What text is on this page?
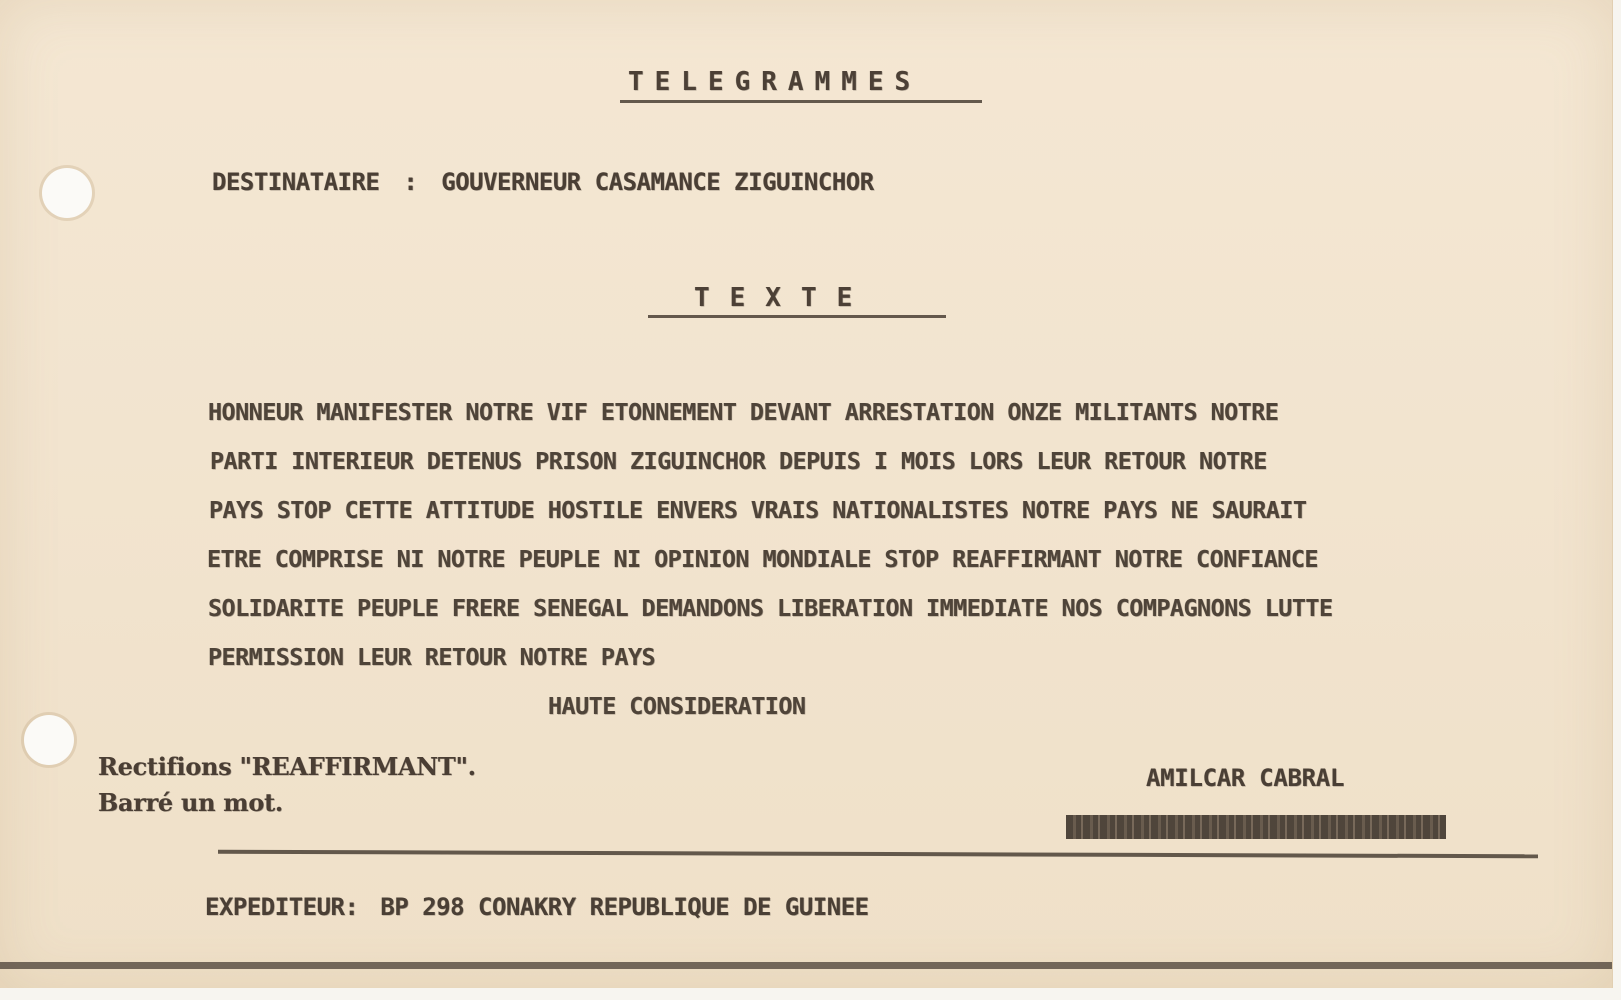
TELEGRAMMES
DESTINATAIRE : GOUVERNEUR CASAMANCE ZIGUINCHOR
TEXTE
HONNEUR MANIFESTER NOTRE VIF ETONNEMENT DEVANT ARRESTATION ONZE MILITANTS NOTRE
PARTI INTERIEUR DETENUS PRISON ZIGUINCHOR DEPUIS I MOIS LORS LEUR RETOUR NOTRE
PAYS STOP CETTE ATTITUDE HOSTILE ENVERS VRAIS NATIONALISTES NOTRE PAYS NE SAURAIT
ETRE COMPRISE NI NOTRE PEUPLE NI OPINION MONDIALE STOP REAFFIRMANT NOTRE CONFIANCE
SOLIDARITE PEUPLE FRERE SENEGAL DEMANDONS LIBERATION IMMEDIATE NOS COMPAGNONS LUTTE
PERMISSION LEUR RETOUR NOTRE PAYS
HAUTE CONSIDERATION
Rectifions "REAFFIRMANT".
Barré un mot.
AMILCAR CABRAL
EXPEDITEUR: BP 298 CONAKRY REPUBLIQUE DE GUINEE
